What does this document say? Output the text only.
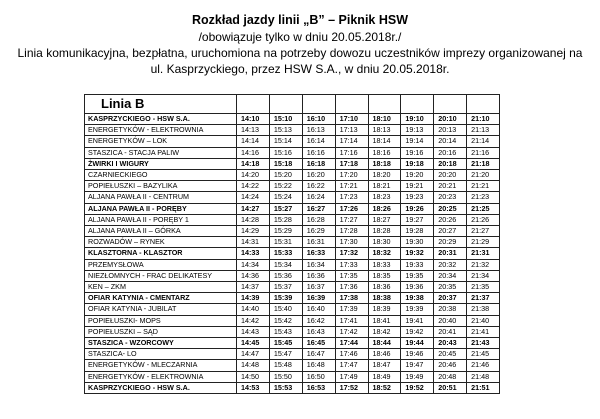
Rozkład jazdy linii „B” – Piknik HSW
/obowiązuje tylko w dniu 20.05.2018r./
Linia komunikacyjna, bezpłatna, uruchomiona na potrzeby dowozu uczestników imprezy organizowanej na
ul. Kasprzyckiego, przez HSW S.A., w dniu 20.05.2018r.
Linia B								
KASPRZYCKIEGO - HSW S.A.	14:10	15:10	16:10	17:10	18:10	19:10	20:10	21:10
ENERGETYKÓW - ELEKTROWNIA	14:13	15:13	16:13	17:13	18:13	19:13	20:13	21:13
ENERGETYKÓW – LOK	14:14	15:14	16:14	17:14	18:14	19:14	20:14	21:14
STASZICA - STACJA PALIW	14:16	15:16	16:16	17:16	18:16	19:16	20:16	21:16
ŻWIRKI I WIGURY	14:18	15:18	16:18	17:18	18:18	19:18	20:18	21:18
CZARNIECKIEGO	14:20	15:20	16:20	17:20	18:20	19:20	20:20	21:20
POPIEŁUSZKI – BAZYLIKA	14:22	15:22	16:22	17:21	18:21	19:21	20:21	21:21
ALJANA PAWŁA II - CENTRUM	14:24	15:24	16:24	17:23	18:23	19:23	20:23	21:23
ALJANA PAWŁA II - PORĘBY	14:27	15:27	16:27	17:26	18:26	19:26	20:25	21:25
ALJANA PAWŁA II - PORĘBY 1	14:28	15:28	16:28	17:27	18:27	19:27	20:26	21:26
ALJANA PAWŁA II – GÓRKA	14:29	15:29	16:29	17:28	18:28	19:28	20:27	21:27
ROZWADÓW – RYNEK	14:31	15:31	16:31	17:30	18:30	19:30	20:29	21:29
KLASZTORNA - KLASZTOR	14:33	15:33	16:33	17:32	18:32	19:32	20:31	21:31
PRZEMYSŁOWA	14:34	15:34	16:34	17:33	18:33	19:33	20:32	21:32
NIEZŁOMNYCH - FRAC DELIKATESY	14:36	15:36	16:36	17:35	18:35	19:35	20:34	21:34
KEN – ZKM	14:37	15:37	16:37	17:36	18:36	19:36	20:35	21:35
OFIAR KATYNIA - CMENTARZ	14:39	15:39	16:39	17:38	18:38	19:38	20:37	21:37
OFIAR KATYNIA - JUBILAT	14:40	15:40	16:40	17:39	18:39	19:39	20:38	21:38
POPIEŁUSZKI- MOPS	14:42	15:42	16:42	17:41	18:41	19:41	20:40	21:40
POPIEŁUSZKI – SĄD	14:43	15:43	16:43	17:42	18:42	19:42	20:41	21:41
STASZICA - WZORCOWY	14:45	15:45	16:45	17:44	18:44	19:44	20:43	21:43
STASZICA- LO	14:47	15:47	16:47	17:46	18:46	19:46	20:45	21:45
ENERGETYKÓW - MLECZARNIA	14:48	15:48	16:48	17:47	18:47	19:47	20:46	21:46
ENERGETYKÓW - ELEKTROWNIA	14:50	15:50	16:50	17:49	18:49	19:49	20:48	21:48
KASPRZYCKIEGO - HSW S.A.	14:53	15:53	16:53	17:52	18:52	19:52	20:51	21:51
